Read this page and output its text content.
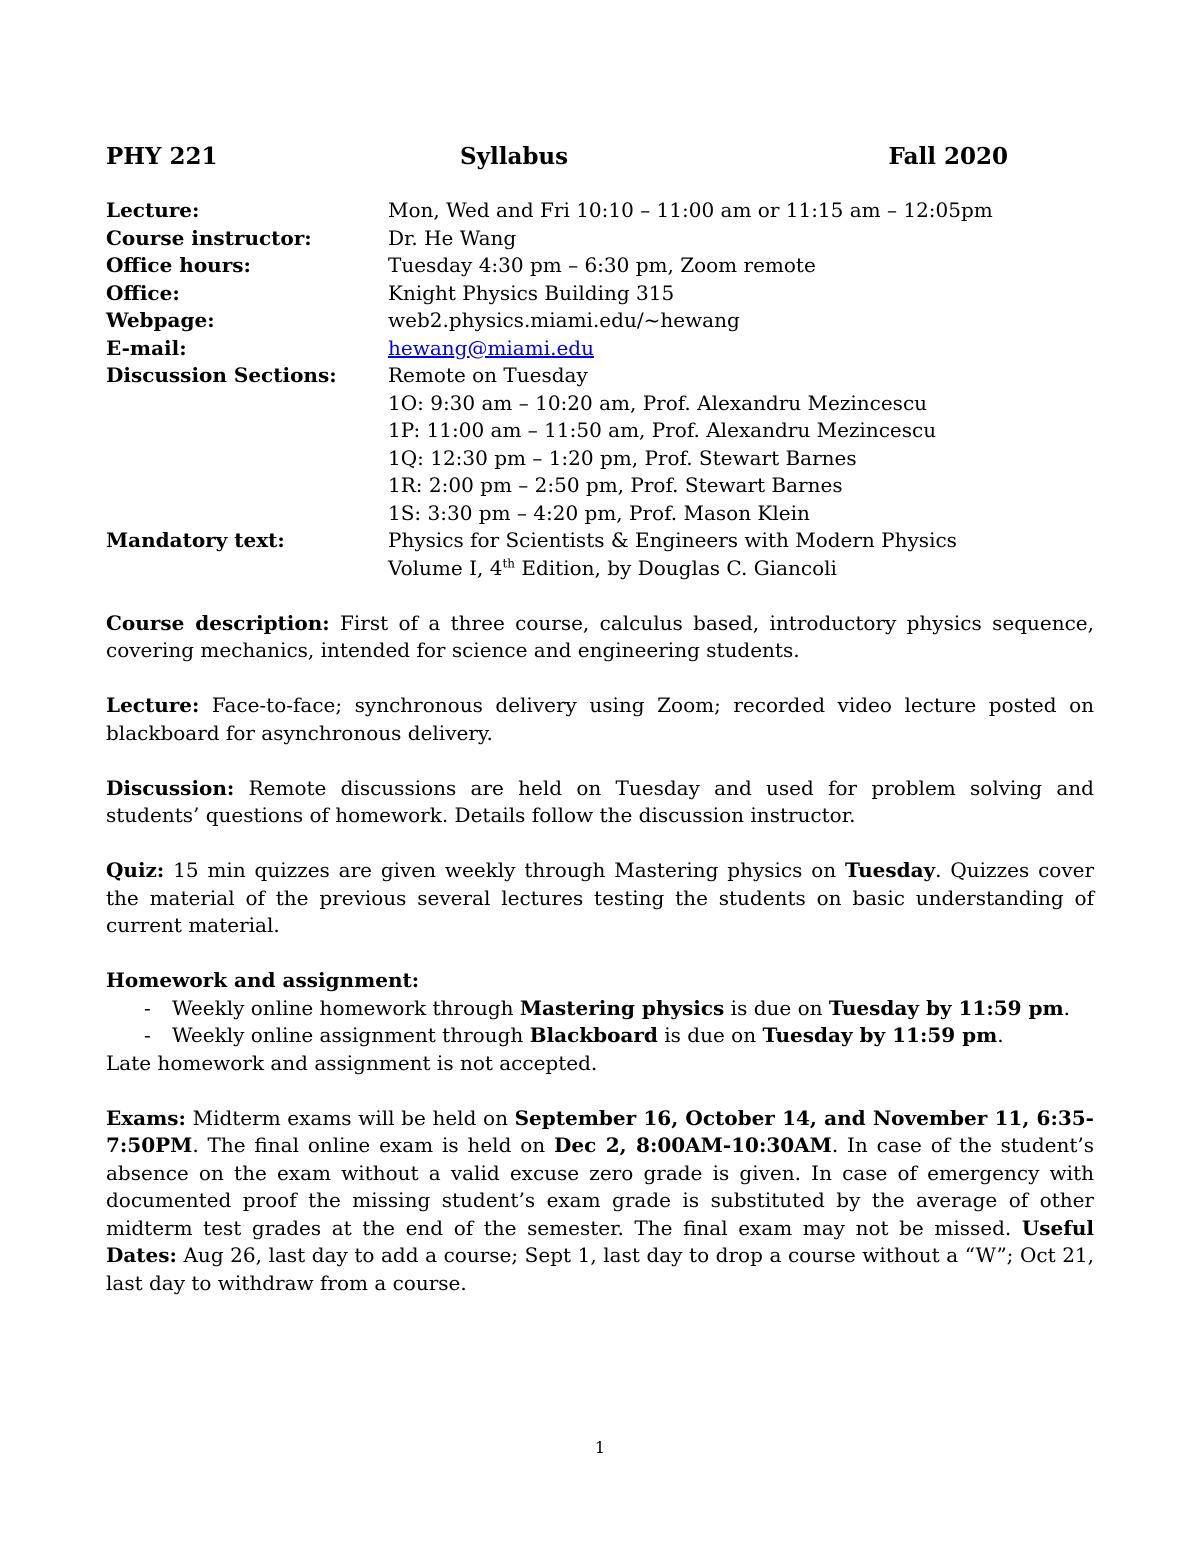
PHY 221	Syllabus	Fall 2020
Lecture:	Mon, Wed and Fri 10:10 – 11:00 am or 11:15 am – 12:05pm
Course instructor:	Dr. He Wang
Office hours:	Tuesday 4:30 pm – 6:30 pm, Zoom remote
Office:	Knight Physics Building 315
Webpage:	web2.physics.miami.edu/~hewang
E-mail:	hewang@miami.edu
Discussion Sections:	Remote on Tuesday
1O: 9:30 am – 10:20 am, Prof. Alexandru Mezincescu
1P: 11:00 am – 11:50 am, Prof. Alexandru Mezincescu
1Q: 12:30 pm – 1:20 pm, Prof. Stewart Barnes
1R: 2:00 pm – 2:50 pm, Prof. Stewart Barnes
1S: 3:30 pm – 4:20 pm, Prof. Mason Klein
Mandatory text:	Physics for Scientists & Engineers with Modern Physics
Volume I, 4th Edition, by Douglas C. Giancoli
Course description: First of a three course, calculus based, introductory physics sequence, covering mechanics, intended for science and engineering students.
Lecture: Face-to-face; synchronous delivery using Zoom; recorded video lecture posted on blackboard for asynchronous delivery.
Discussion: Remote discussions are held on Tuesday and used for problem solving and students’ questions of homework. Details follow the discussion instructor.
Quiz: 15 min quizzes are given weekly through Mastering physics on Tuesday. Quizzes cover the material of the previous several lectures testing the students on basic understanding of current material.
Homework and assignment:
- Weekly online homework through Mastering physics is due on Tuesday by 11:59 pm.
- Weekly online assignment through Blackboard is due on Tuesday by 11:59 pm.
Late homework and assignment is not accepted.
Exams: Midterm exams will be held on September 16, October 14, and November 11, 6:35-7:50PM. The final online exam is held on Dec 2, 8:00AM-10:30AM. In case of the student’s absence on the exam without a valid excuse zero grade is given. In case of emergency with documented proof the missing student’s exam grade is substituted by the average of other midterm test grades at the end of the semester. The final exam may not be missed. Useful Dates: Aug 26, last day to add a course; Sept 1, last day to drop a course without a “W”; Oct 21, last day to withdraw from a course.
1
